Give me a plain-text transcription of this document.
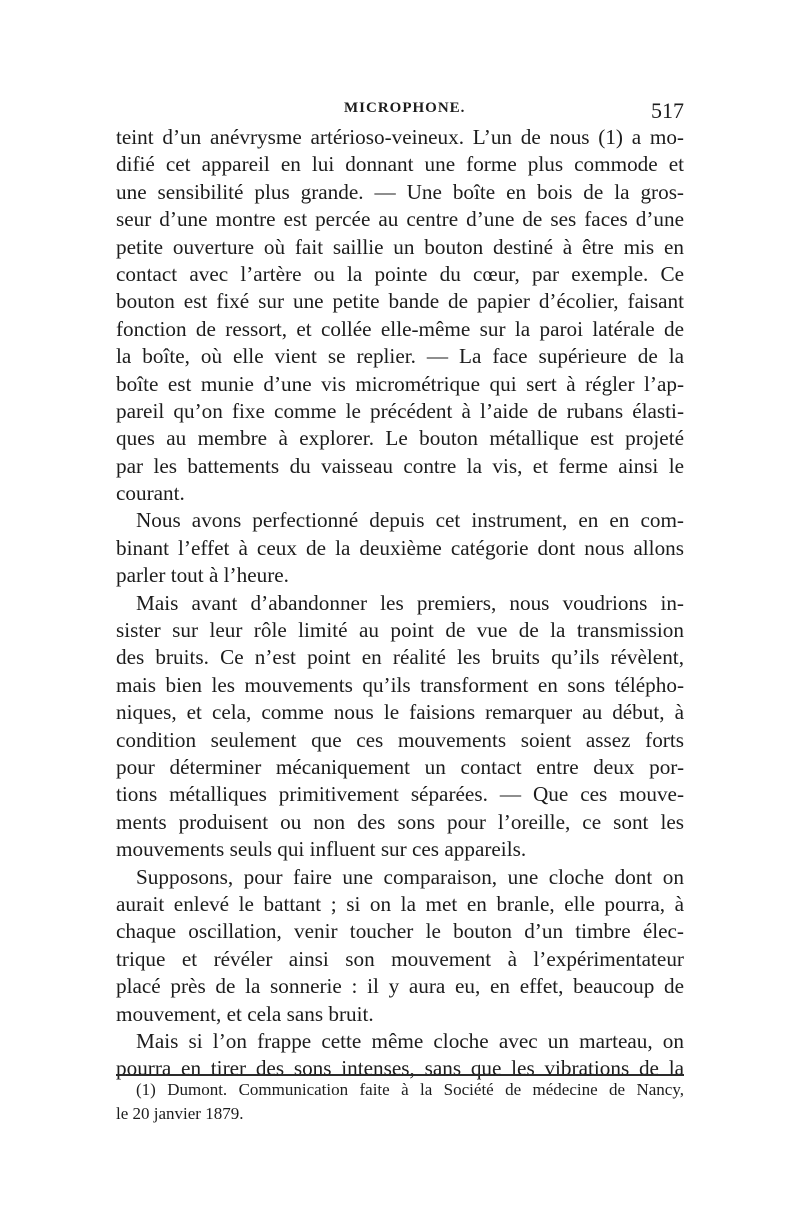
MICROPHONE.	517
teint d’un anévrysme artérioso-veineux. L’un de nous (1) a mo-
difié cet appareil en lui donnant une forme plus commode et
une sensibilité plus grande. — Une boîte en bois de la gros-
seur d’une montre est percée au centre d’une de ses faces d’une
petite ouverture où fait saillie un bouton destiné à être mis en
contact avec l’artère ou la pointe du cœur, par exemple. Ce
bouton est fixé sur une petite bande de papier d’écolier, faisant
fonction de ressort, et collée elle-même sur la paroi latérale de
la boîte, où elle vient se replier. — La face supérieure de la
boîte est munie d’une vis micrométrique qui sert à régler l’ap-
pareil qu’on fixe comme le précédent à l’aide de rubans élasti-
ques au membre à explorer. Le bouton métallique est projeté
par les battements du vaisseau contre la vis, et ferme ainsi le
courant.
Nous avons perfectionné depuis cet instrument, en en com-
binant l’effet à ceux de la deuxième catégorie dont nous allons
parler tout à l’heure.
Mais avant d’abandonner les premiers, nous voudrions in-
sister sur leur rôle limité au point de vue de la transmission
des bruits. Ce n’est point en réalité les bruits qu’ils révèlent,
mais bien les mouvements qu’ils transforment en sons télépho-
niques, et cela, comme nous le faisions remarquer au début, à
condition seulement que ces mouvements soient assez forts
pour déterminer mécaniquement un contact entre deux por-
tions métalliques primitivement séparées. — Que ces mouve-
ments produisent ou non des sons pour l’oreille, ce sont les
mouvements seuls qui influent sur ces appareils.
Supposons, pour faire une comparaison, une cloche dont on
aurait enlevé le battant ; si on la met en branle, elle pourra, à
chaque oscillation, venir toucher le bouton d’un timbre élec-
trique et révéler ainsi son mouvement à l’expérimentateur
placé près de la sonnerie : il y aura eu, en effet, beaucoup de
mouvement, et cela sans bruit.
Mais si l’on frappe cette même cloche avec un marteau, on
pourra en tirer des sons intenses, sans que les vibrations de la
(1) Dumont. Communication faite à la Société de médecine de Nancy,
le 20 janvier 1879.
